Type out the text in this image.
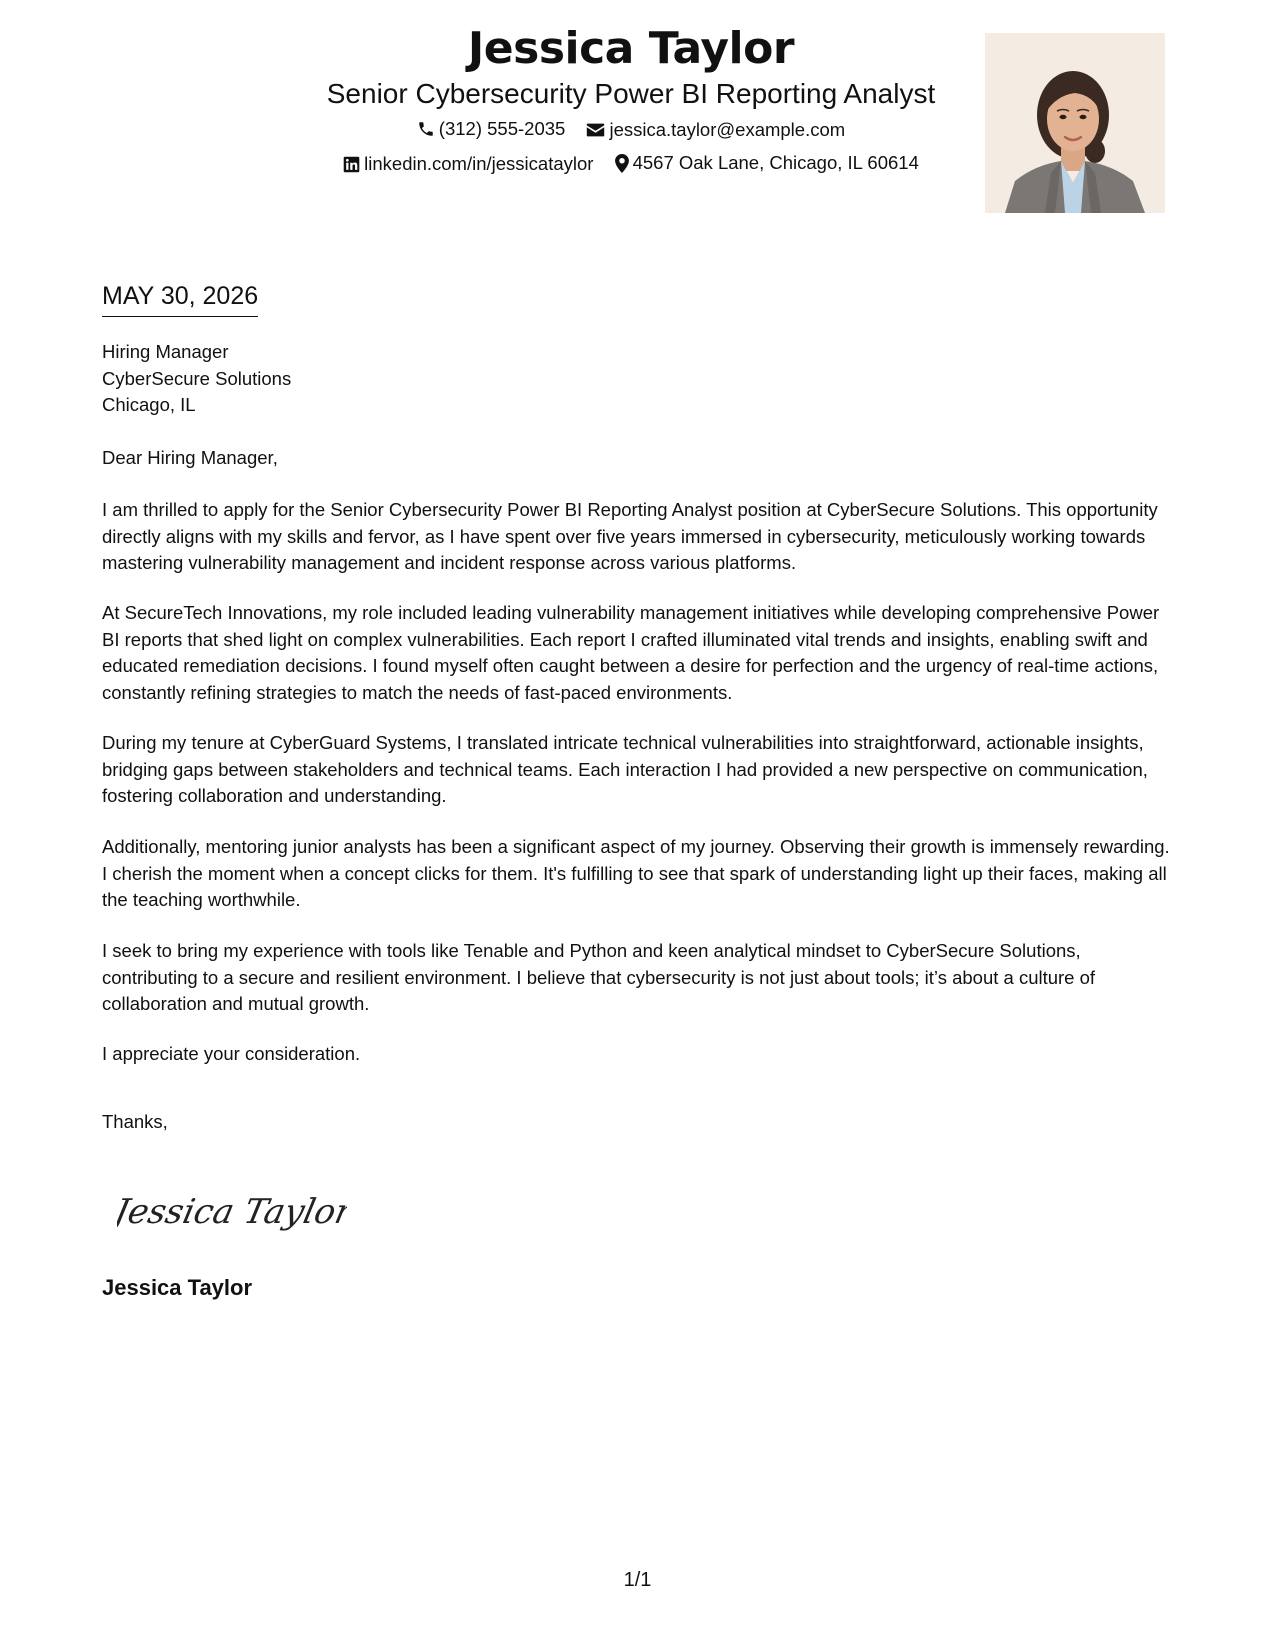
Jessica Taylor
Senior Cybersecurity Power BI Reporting Analyst
(312) 555-2035
jessica.taylor@example.com
linkedin.com/in/jessicataylor
4567 Oak Lane, Chicago, IL 60614
MAY 30, 2026
Hiring Manager
CyberSecure Solutions
Chicago, IL

Dear Hiring Manager,

I am thrilled to apply for the Senior Cybersecurity Power BI Reporting Analyst position at CyberSecure Solutions. This opportunity directly aligns with my skills and fervor, as I have spent over five years immersed in cybersecurity, meticulously working towards mastering vulnerability management and incident response across various platforms.

At SecureTech Innovations, my role included leading vulnerability management initiatives while developing comprehensive Power BI reports that shed light on complex vulnerabilities. Each report I crafted illuminated vital trends and insights, enabling swift and educated remediation decisions. I found myself often caught between a desire for perfection and the urgency of real-time actions, constantly refining strategies to match the needs of fast-paced environments.

During my tenure at CyberGuard Systems, I translated intricate technical vulnerabilities into straightforward, actionable insights, bridging gaps between stakeholders and technical teams. Each interaction I had provided a new perspective on communication, fostering collaboration and understanding.

Additionally, mentoring junior analysts has been a significant aspect of my journey. Observing their growth is immensely rewarding. I cherish the moment when a concept clicks for them. It's fulfilling to see that spark of understanding light up their faces, making all the teaching worthwhile.

I seek to bring my experience with tools like Tenable and Python and keen analytical mindset to CyberSecure Solutions, contributing to a secure and resilient environment. I believe that cybersecurity is not just about tools; it’s about a culture of collaboration and mutual growth.

I appreciate your consideration.

Thanks,

Jessica Taylor
Jessica Taylor
1/1
